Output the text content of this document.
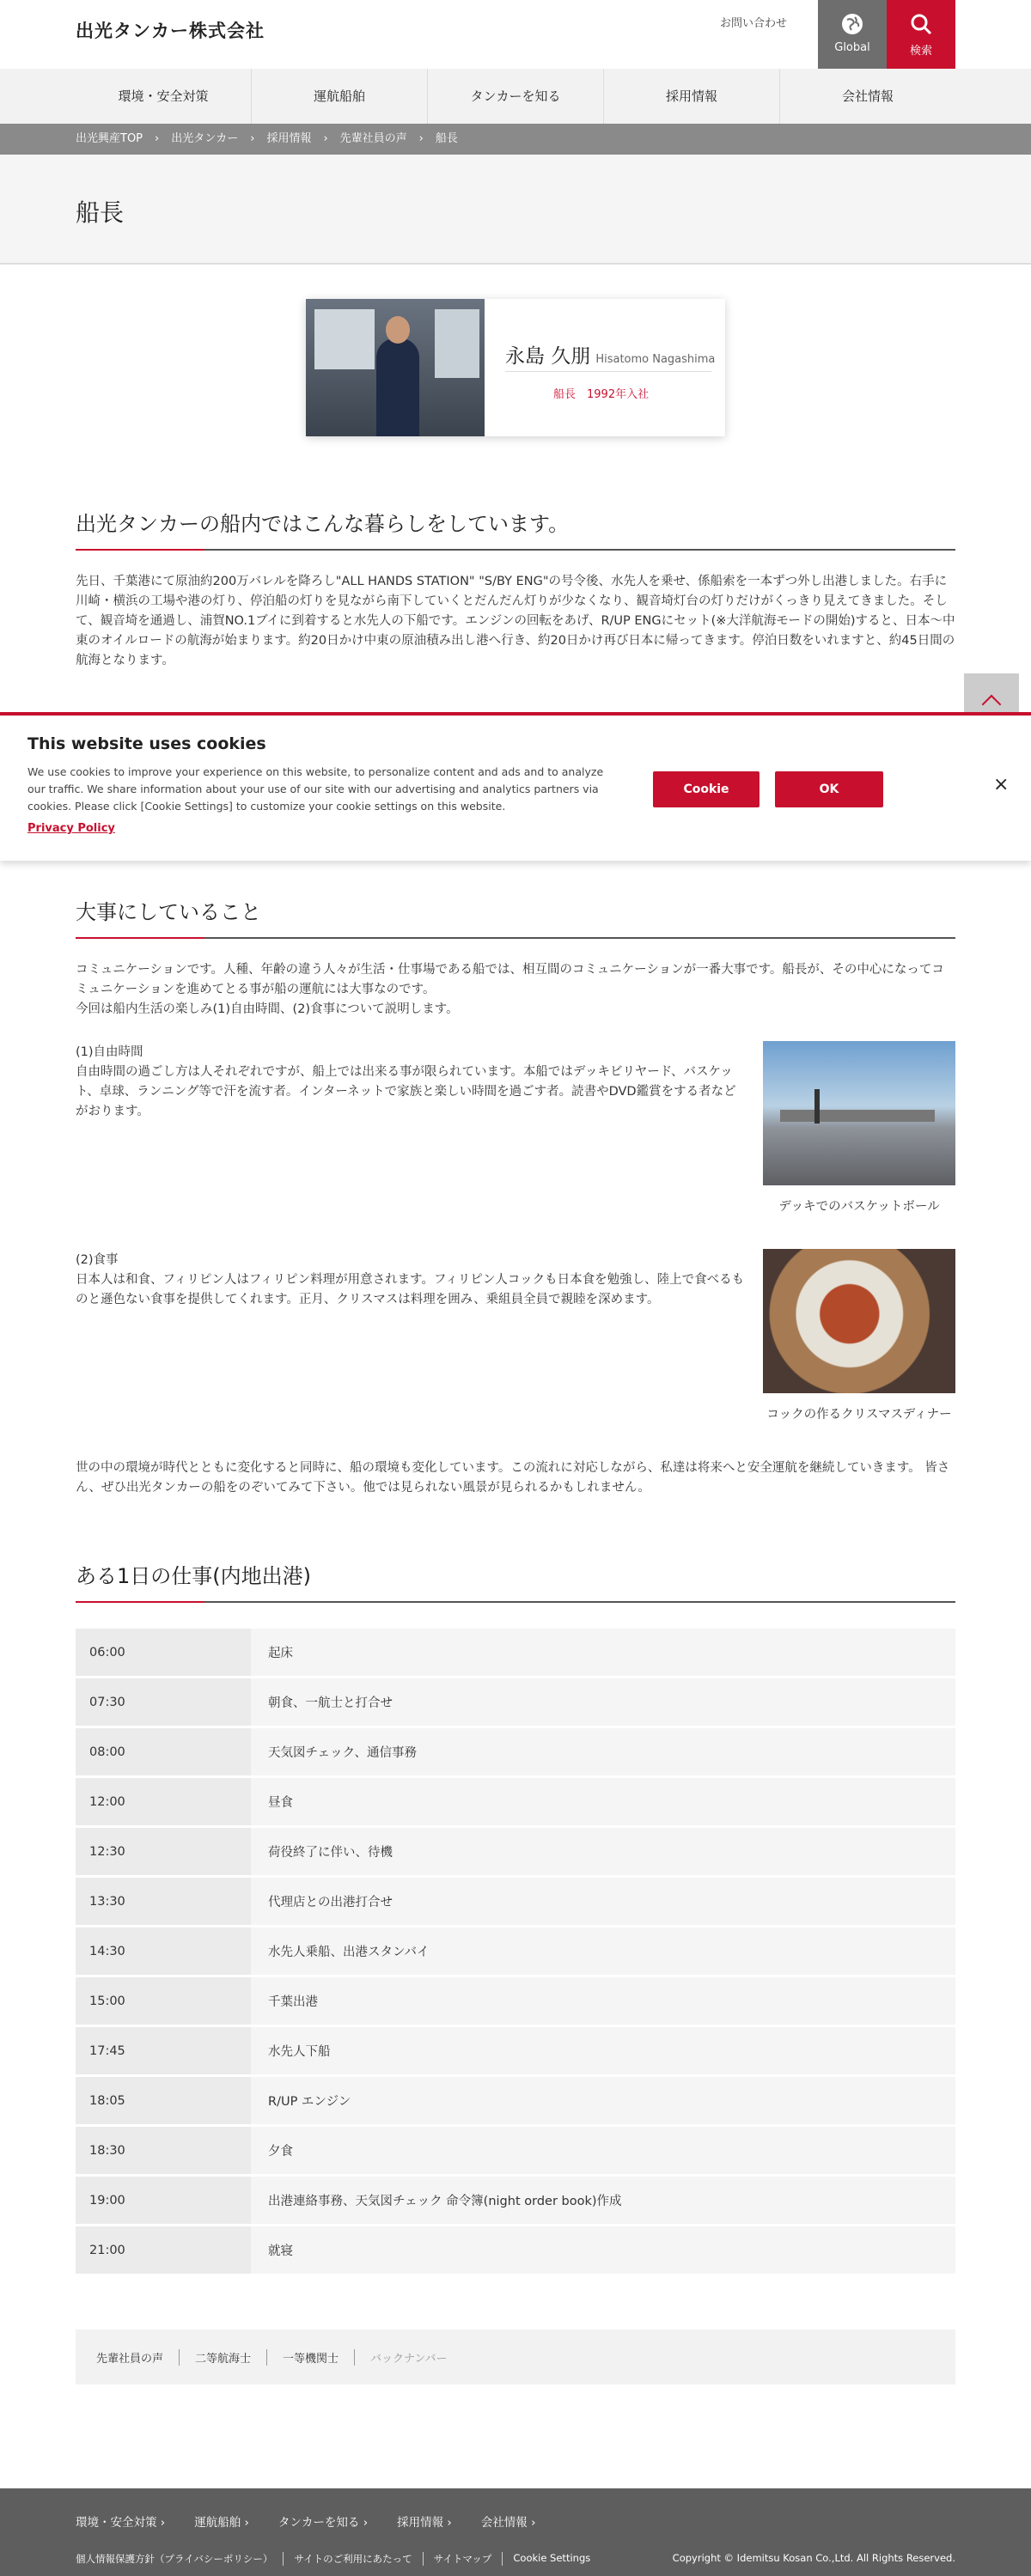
出光タンカー株式会社	お問い合わせ
Global	検索
環境・安全対策	運航船舶	タンカーを知る	採用情報	会社情報
出光興産TOP › 出光タンカー › 採用情報 › 先輩社員の声 › 船長
船長
永島 久朋 Hisatomo Nagashima
船長　1992年入社
出光タンカーの船内ではこんな暮らしをしています。

先日、千葉港にて原油約200万バレルを降ろし"ALL HANDS STATION" "S/BY ENG"の号令後、水先人を乗せ、係船索を一本ずつ外し出港しました。右手に川崎・横浜の工場や港の灯り、停泊船の灯りを見ながら南下していくとだんだん灯りが少なくなり、観音埼灯台の灯りだけがくっきり見えてきました。そして、観音埼を通過し、浦賀NO.1ブイに到着すると水先人の下船です。エンジンの回転をあげ、R/UP ENGにセット(※大洋航海モードの開始)すると、日本〜中東のオイルロードの航海が始まります。約20日かけ中東の原油積み出し港へ行き、約20日かけ再び日本に帰ってきます。停泊日数をいれますと、約45日間の航海となります。

This website uses cookies

We use cookies to improve your experience on this website, to personalize content and ads and to analyze our traffic. We share information about your use of our site with our advertising and analytics partners via cookies. Please click [Cookie Settings] to customize your cookie settings on this website.

Privacy Policy
Cookie Settings
OK	×
大事にしていること

コミュニケーションです。人種、年齢の違う人々が生活・仕事場である船では、相互間のコミュニケーションが一番大事です。船長が、その中心になってコミュニケーションを進めてとる事が船の運航には大事なのです。
今回は船内生活の楽しみ(1)自由時間、(2)食事について説明します。

(1)自由時間

自由時間の過ごし方は人それぞれですが、船上では出来る事が限られています。本船ではデッキビリヤード、バスケット、卓球、ランニング等で汗を流す者。インターネットで家族と楽しい時間を過ごす者。読書やDVD鑑賞をする者などがおります。

デッキでのバスケットボール

(2)食事

日本人は和食、フィリピン人はフィリピン料理が用意されます。フィリピン人コックも日本食を勉強し、陸上で食べるものと遜色ない食事を提供してくれます。正月、クリスマスは料理を囲み、乗組員全員で親睦を深めます。

コックの作るクリスマスディナー

世の中の環境が時代とともに変化すると同時に、船の環境も変化しています。この流れに対応しながら、私達は将来へと安全運航を継続していきます。 皆さん、ぜひ出光タンカーの船をのぞいてみて下さい。他では見られない風景が見られるかもしれません。

ある1日の仕事(内地出港)
06:00	起床
07:30	朝食、一航士と打合せ
08:00	天気図チェック、通信事務
12:00	昼食
12:30	荷役終了に伴い、待機
13:30	代理店との出港打合せ
14:30	水先人乗船、出港スタンバイ
15:00	千葉出港
17:45	水先人下船
18:05	R/UP エンジン
18:30	夕食
19:00	出港連絡事務、天気図チェック 命令簿(night order book)作成
21:00	就寝
先輩社員の声	二等航海士	一等機関士	バックナンバー
環境・安全対策 ›	運航船舶 ›	タンカーを知る ›	採用情報 ›	会社情報 ›
個人情報保護方針（プライバシーポリシー）	サイトのご利用にあたって	サイトマップ	Cookie Settings	Copyright © Idemitsu Kosan Co.,Ltd. All Rights Reserved.
